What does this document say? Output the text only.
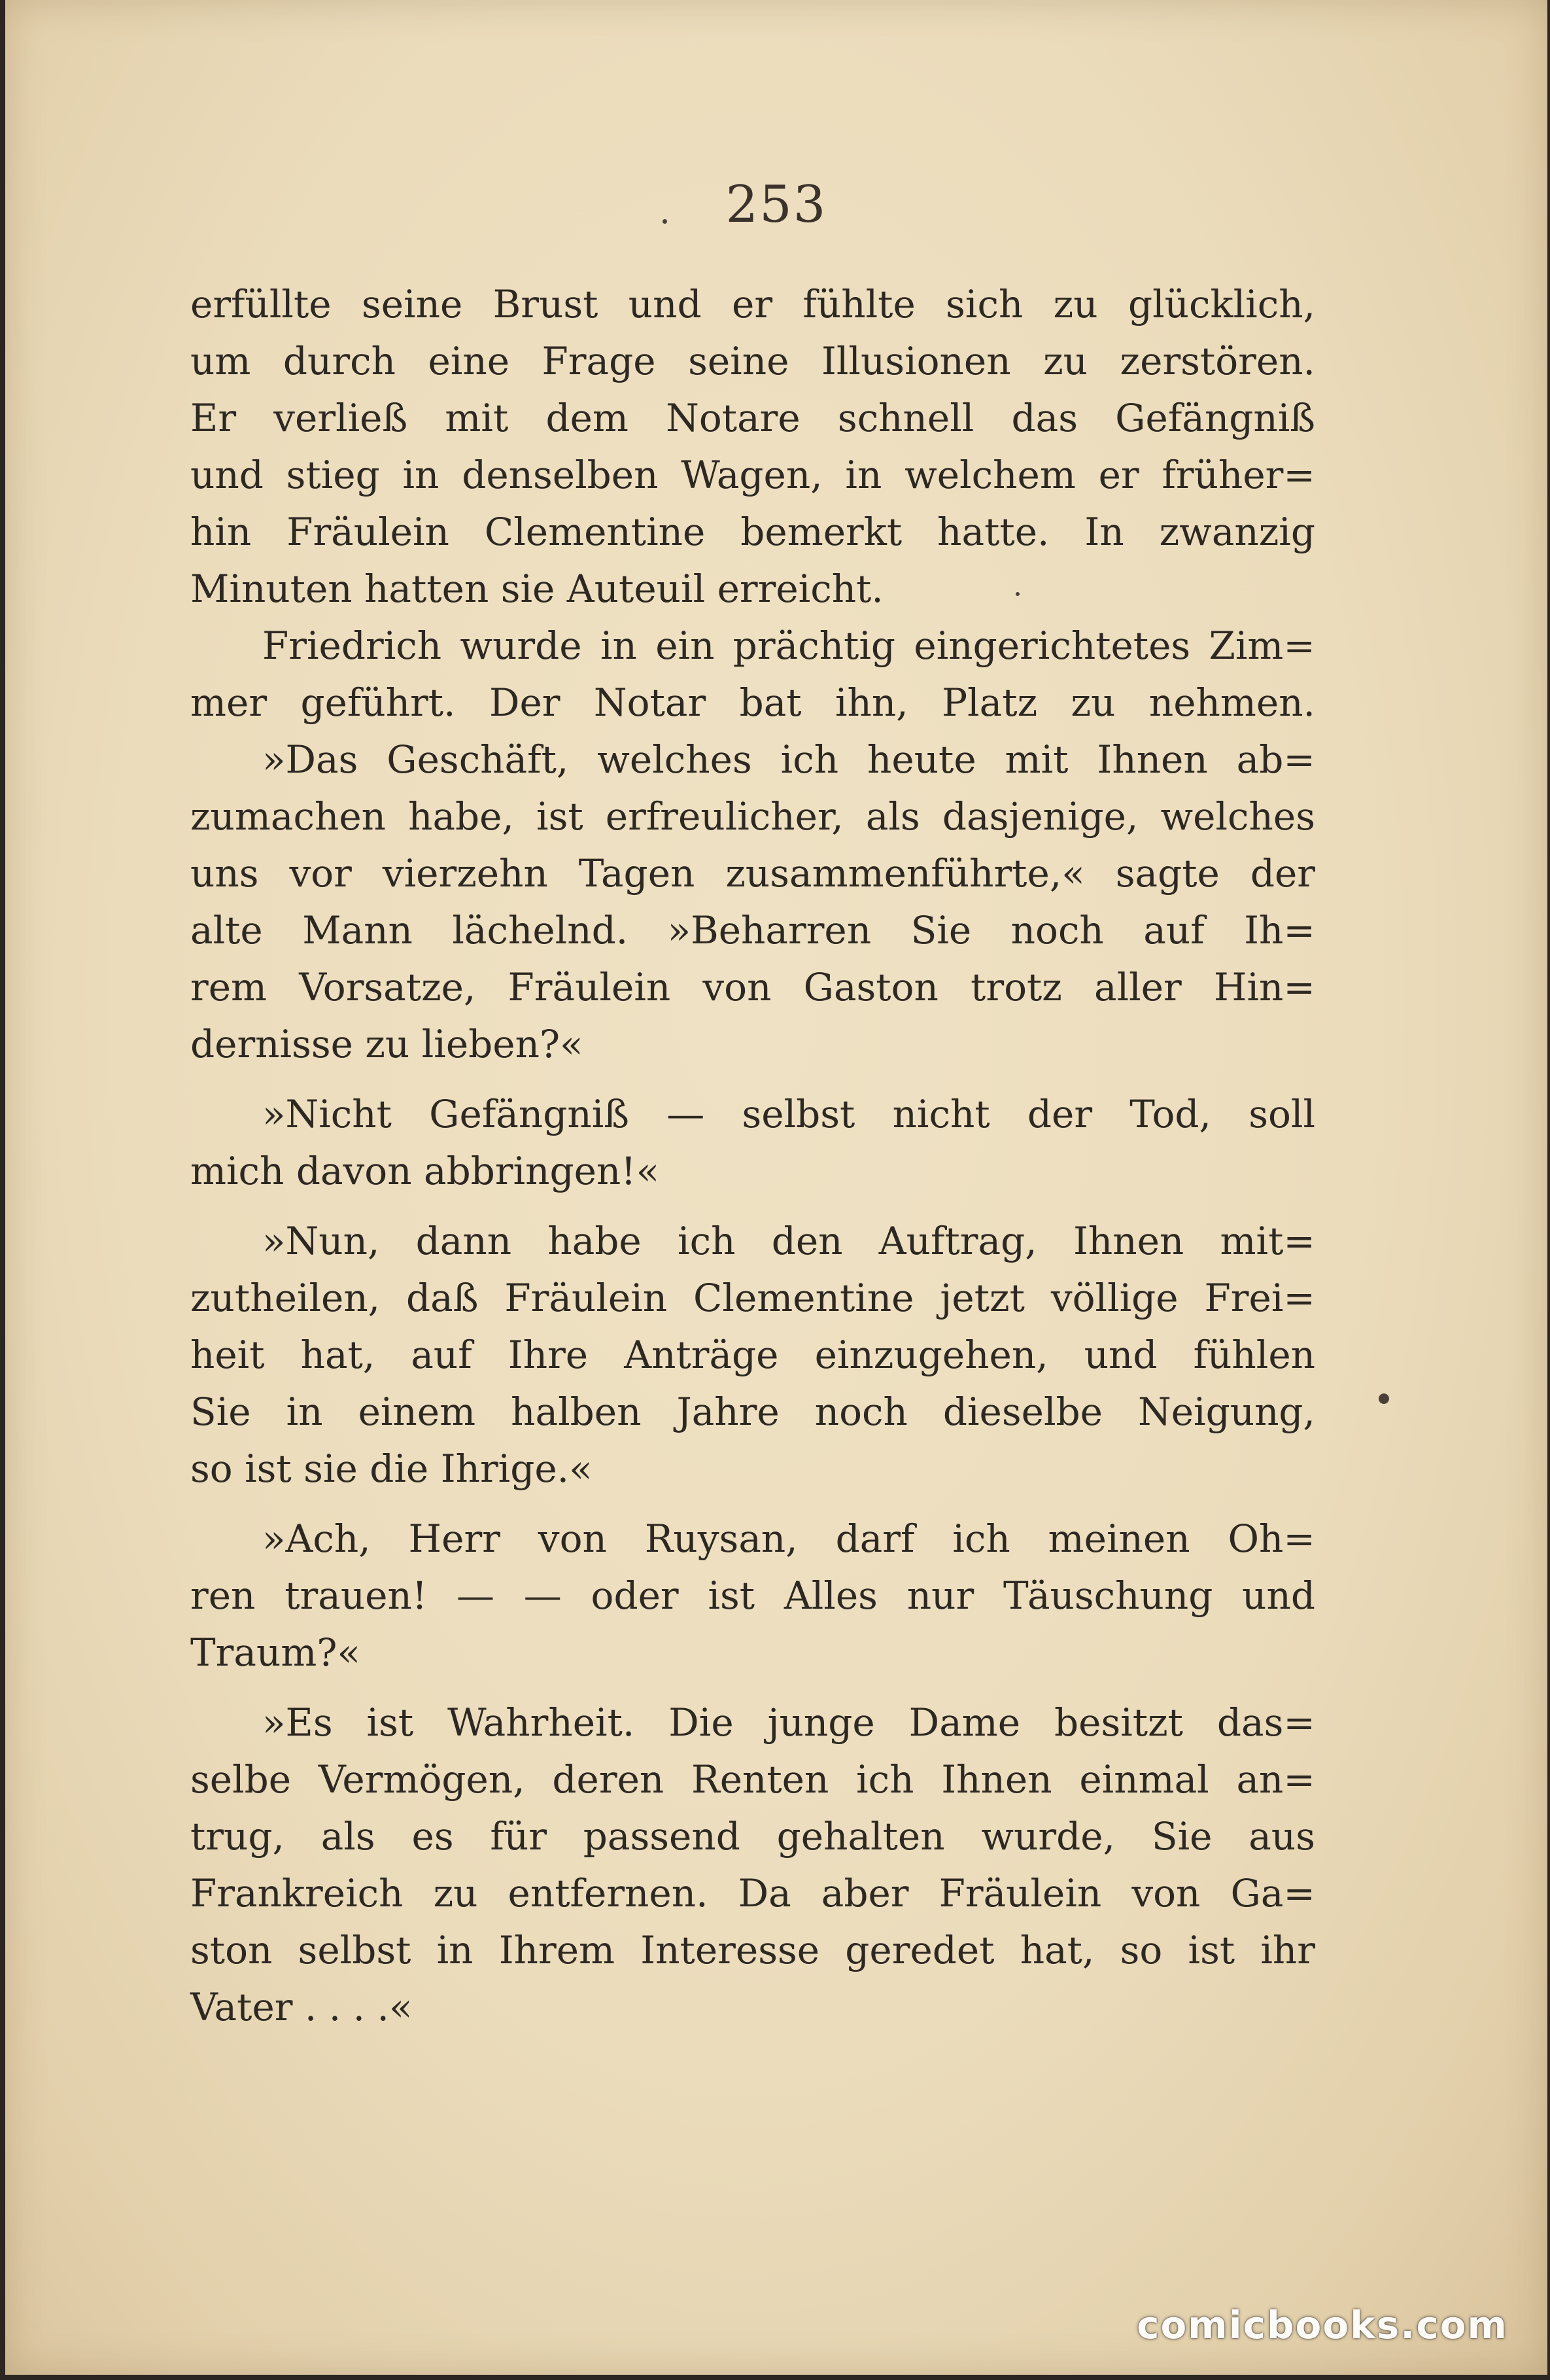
253
erfüllte seine Brust und er fühlte sich zu glücklich,
um durch eine Frage seine Illusionen zu zerstören.
Er verließ mit dem Notare schnell das Gefängniß
und stieg in denselben Wagen, in welchem er früher=
hin Fräulein Clementine bemerkt hatte. In zwanzig
Minuten hatten sie Auteuil erreicht.
Friedrich wurde in ein prächtig eingerichtetes Zim=
mer geführt. Der Notar bat ihn, Platz zu nehmen.
»Das Geschäft, welches ich heute mit Ihnen ab=
zumachen habe, ist erfreulicher, als dasjenige, welches
uns vor vierzehn Tagen zusammenführte,« sagte der
alte Mann lächelnd. »Beharren Sie noch auf Ih=
rem Vorsatze, Fräulein von Gaston trotz aller Hin=
dernisse zu lieben?«
»Nicht Gefängniß — selbst nicht der Tod, soll
mich davon abbringen!«
»Nun, dann habe ich den Auftrag, Ihnen mit=
zutheilen, daß Fräulein Clementine jetzt völlige Frei=
heit hat, auf Ihre Anträge einzugehen, und fühlen
Sie in einem halben Jahre noch dieselbe Neigung,
so ist sie die Ihrige.«
»Ach, Herr von Ruysan, darf ich meinen Oh=
ren trauen! — — oder ist Alles nur Täuschung und
Traum?«
»Es ist Wahrheit. Die junge Dame besitzt das=
selbe Vermögen, deren Renten ich Ihnen einmal an=
trug, als es für passend gehalten wurde, Sie aus
Frankreich zu entfernen. Da aber Fräulein von Ga=
ston selbst in Ihrem Interesse geredet hat, so ist ihr
Vater . . . .«
comicbooks.com
